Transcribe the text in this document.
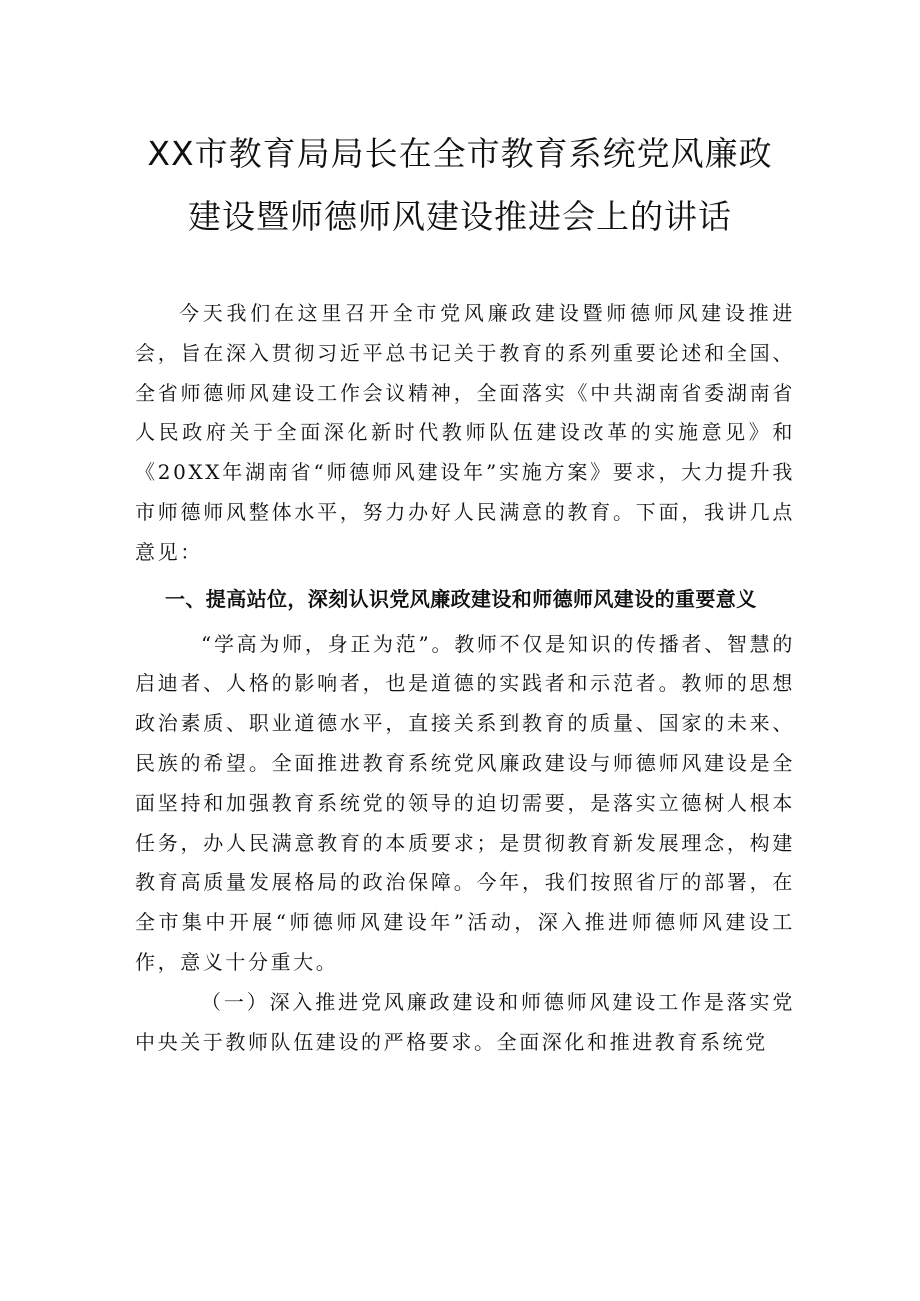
XX市教育局局长在全市教育系统党风廉政
建设暨师德师风建设推进会上的讲话

今天我们在这里召开全市党风廉政建设暨师德师风建设推进会，旨在深入贯彻习近平总书记关于教育的系列重要论述和全国、全省师德师风建设工作会议精神，全面落实《中共湖南省委湖南省人民政府关于全面深化新时代教师队伍建设改革的实施意见》和《20XX年湖南省“师德师风建设年”实施方案》要求，大力提升我市师德师风整体水平，努力办好人民满意的教育。下面，我讲几点意见：

一、提高站位，深刻认识党风廉政建设和师德师风建设的重要意义

“学高为师，身正为范”。教师不仅是知识的传播者、智慧的启迪者、人格的影响者，也是道德的实践者和示范者。教师的思想政治素质、职业道德水平，直接关系到教育的质量、国家的未来、民族的希望。全面推进教育系统党风廉政建设与师德师风建设是全面坚持和加强教育系统党的领导的迫切需要，是落实立德树人根本任务，办人民满意教育的本质要求；是贯彻教育新发展理念，构建教育高质量发展格局的政治保障。今年，我们按照省厅的部署，在全市集中开展“师德师风建设年”活动，深入推进师德师风建设工作，意义十分重大。

（一）深入推进党风廉政建设和师德师风建设工作是落实党中央关于教师队伍建设的严格要求。全面深化和推进教育系统党
